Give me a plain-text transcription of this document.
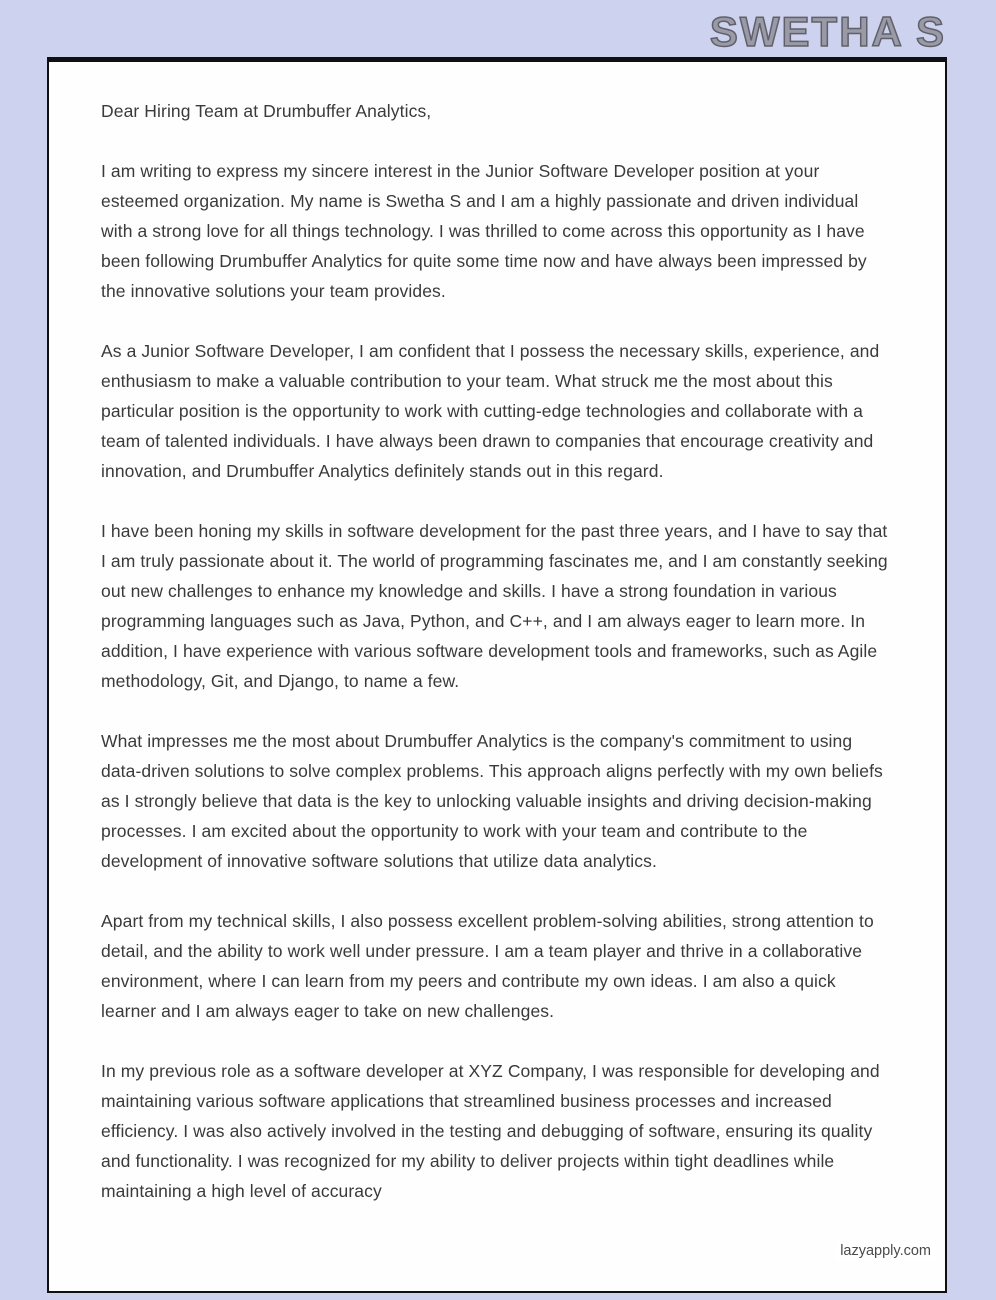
SWETHA S

Dear Hiring Team at Drumbuffer Analytics,

I am writing to express my sincere interest in the Junior Software Developer position at your esteemed organization. My name is Swetha S and I am a highly passionate and driven individual with a strong love for all things technology. I was thrilled to come across this opportunity as I have been following Drumbuffer Analytics for quite some time now and have always been impressed by the innovative solutions your team provides.

As a Junior Software Developer, I am confident that I possess the necessary skills, experience, and enthusiasm to make a valuable contribution to your team. What struck me the most about this particular position is the opportunity to work with cutting-edge technologies and collaborate with a team of talented individuals. I have always been drawn to companies that encourage creativity and innovation, and Drumbuffer Analytics definitely stands out in this regard.

I have been honing my skills in software development for the past three years, and I have to say that I am truly passionate about it. The world of programming fascinates me, and I am constantly seeking out new challenges to enhance my knowledge and skills. I have a strong foundation in various programming languages such as Java, Python, and C++, and I am always eager to learn more. In addition, I have experience with various software development tools and frameworks, such as Agile methodology, Git, and Django, to name a few.

What impresses me the most about Drumbuffer Analytics is the company's commitment to using data-driven solutions to solve complex problems. This approach aligns perfectly with my own beliefs as I strongly believe that data is the key to unlocking valuable insights and driving decision-making processes. I am excited about the opportunity to work with your team and contribute to the development of innovative software solutions that utilize data analytics.

Apart from my technical skills, I also possess excellent problem-solving abilities, strong attention to detail, and the ability to work well under pressure. I am a team player and thrive in a collaborative environment, where I can learn from my peers and contribute my own ideas. I am also a quick learner and I am always eager to take on new challenges.

In my previous role as a software developer at XYZ Company, I was responsible for developing and maintaining various software applications that streamlined business processes and increased efficiency. I was also actively involved in the testing and debugging of software, ensuring its quality and functionality. I was recognized for my ability to deliver projects within tight deadlines while maintaining a high level of accuracy

lazyapply.com
